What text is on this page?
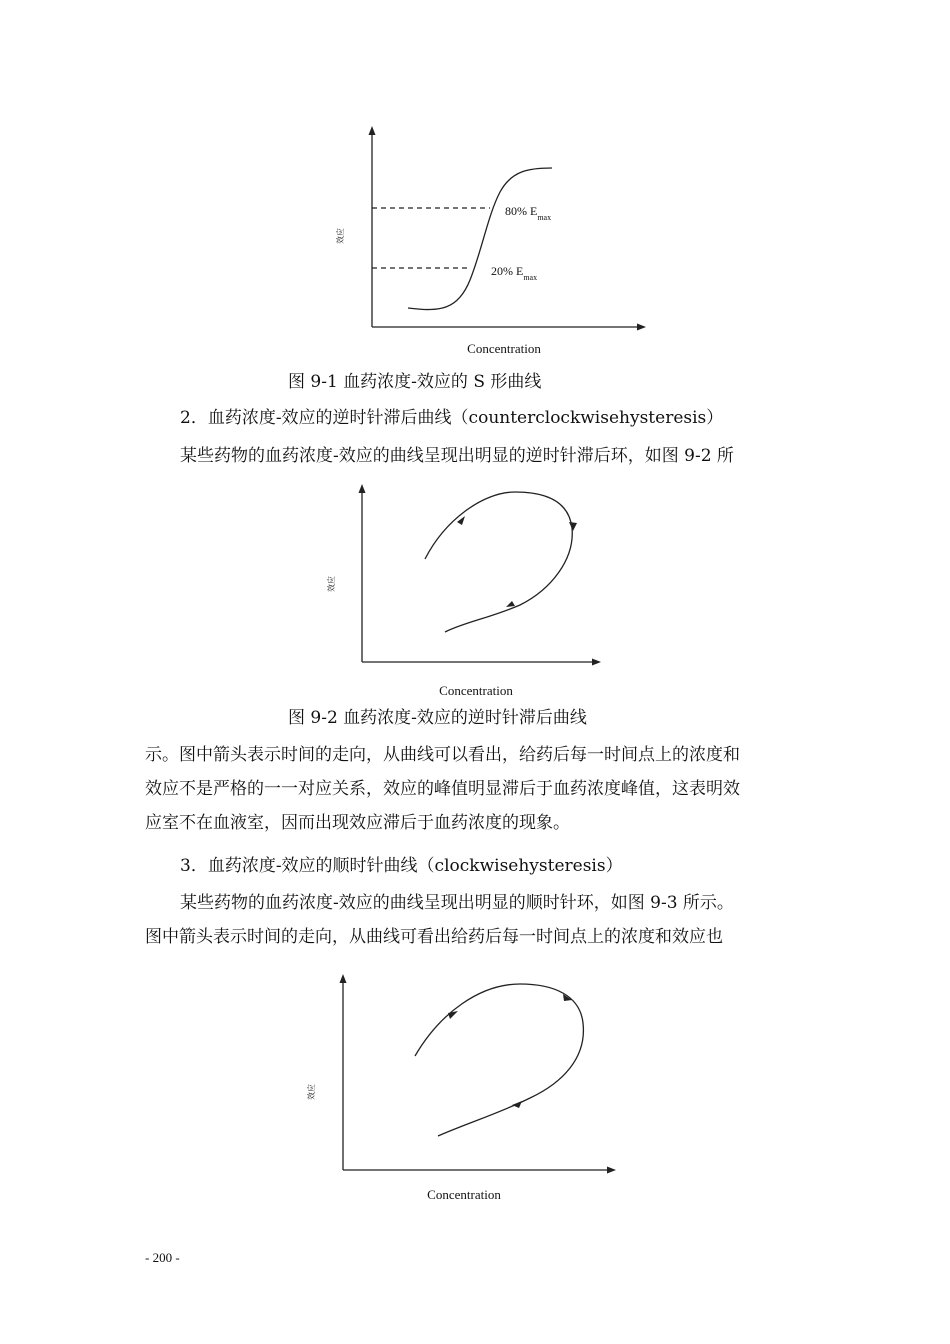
80% $E_{max}$
20% $E_{max}$
效应
Concentration
图 9-1 血药浓度-效应的 S 形曲线
2．血药浓度-效应的逆时针滞后曲线（counterclockwisehysteresis）
某些药物的血药浓度-效应的曲线呈现出明显的逆时针滞后环，如图 9-2 所
效应
Concentration
图 9-2 血药浓度-效应的逆时针滞后曲线
示。图中箭头表示时间的走向，从曲线可以看出，给药后每一时间点上的浓度和
效应不是严格的一一对应关系，效应的峰值明显滞后于血药浓度峰值，这表明效
应室不在血液室，因而出现效应滞后于血药浓度的现象。
3．血药浓度-效应的顺时针曲线（clockwisehysteresis）
某些药物的血药浓度-效应的曲线呈现出明显的顺时针环，如图 9-3 所示。
图中箭头表示时间的走向，从曲线可看出给药后每一时间点上的浓度和效应也
效应
Concentration
- 200 -
